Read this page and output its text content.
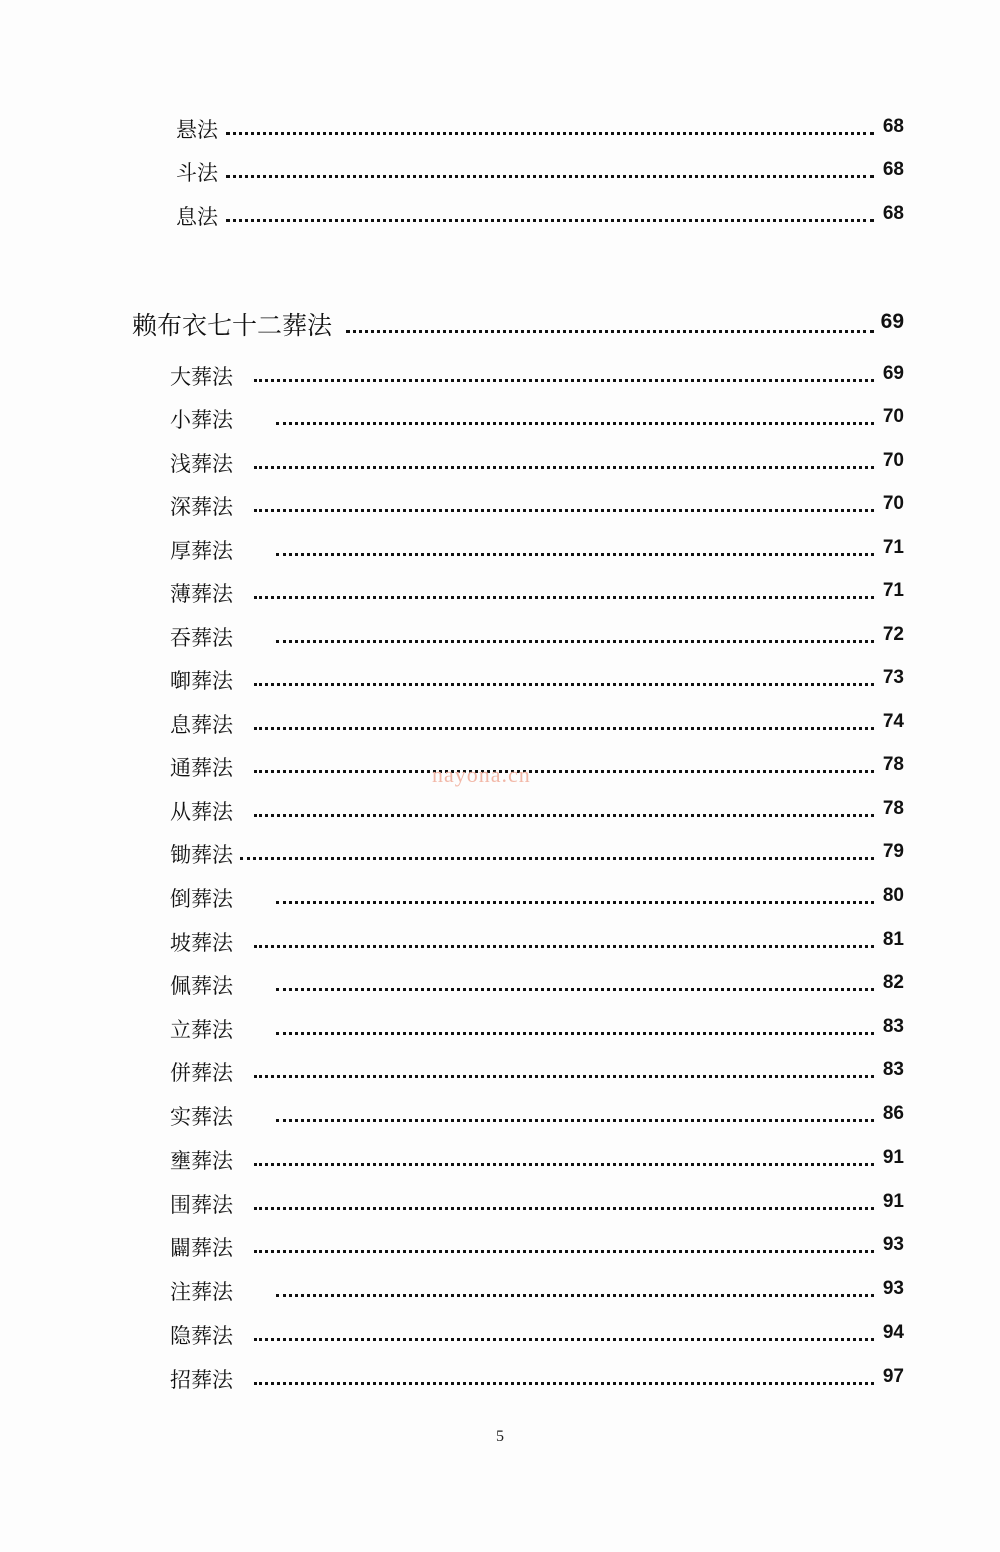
悬法	68
斗法	68
息法	68
赖布衣七十二葬法	69
大葬法	69
小葬法	70
浅葬法	70
深葬法	70
厚葬法	71
薄葬法	71
吞葬法	72
啣葬法	73
息葬法	74
通葬法	78
从葬法	78
锄葬法	79
倒葬法	80
坡葬法	81
佩葬法	82
立葬法	83
併葬法	83
实葬法	86
壅葬法	91
围葬法	91
闢葬法	93
注葬法	93
隐葬法	94
招葬法	97
nayona.cn
5
